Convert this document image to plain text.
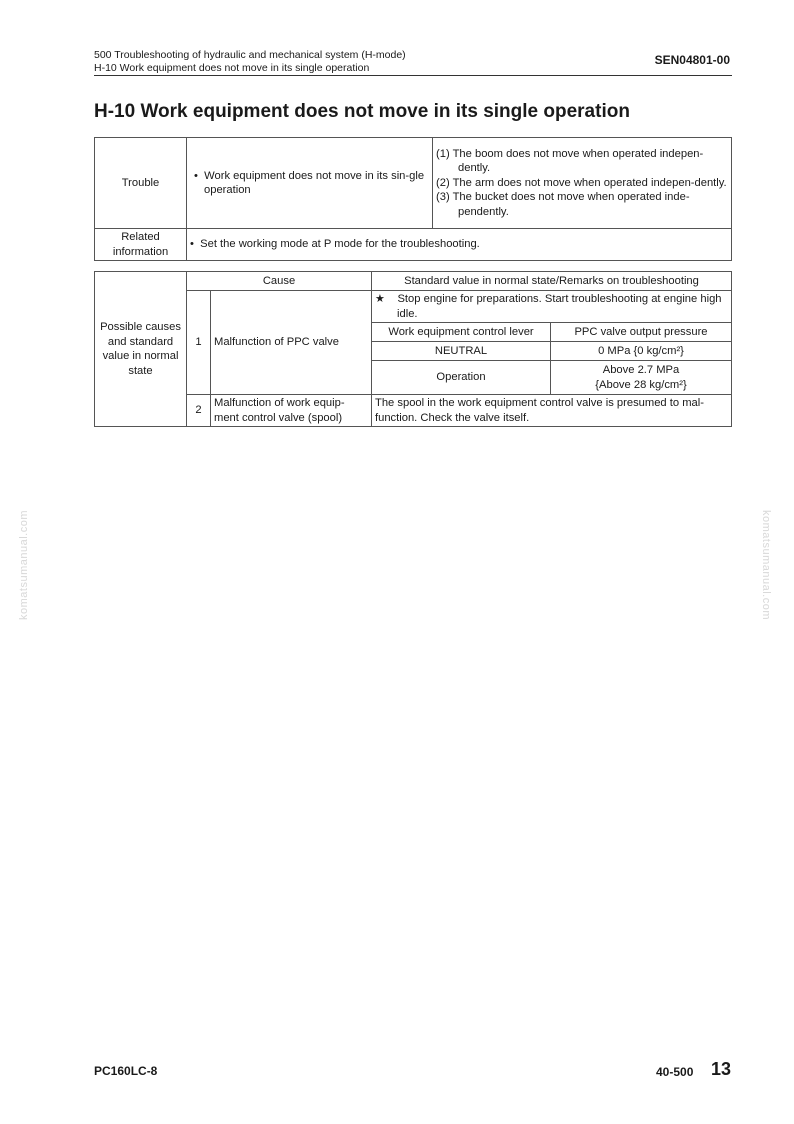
500 Troubleshooting of hydraulic and mechanical system (H-mode)
H-10 Work equipment does not move in its single operation
SEN04801-00
H-10 Work equipment does not move in its single operation
Trouble	• Work equipment does not move in its sin-gle operation	(1) The boom does not move when operated indepen-dently.
(2) The arm does not move when operated indepen-dently.
(3) The bucket does not move when operated inde-pendently.

Related information	• Set the working mode at P mode for the troubleshooting.	
Possible causes and standard value in normal state	Cause		Standard value in normal state/Remarks on troubleshooting	
	1	Malfunction of PPC valve	★ Stop engine for preparations. Start troubleshooting at engine high idle.	

			Work equipment control lever	PPC valve output pressure
			NEUTRAL	0 MPa {0 kg/cm²}
			Operation	Above 2.7 MPa
{Above 28 kg/cm²}

	2	Malfunction of work equip-ment control valve (spool)	The spool in the work equipment control valve is presumed to mal-function. Check the valve itself.	
komatsumanual.com	komatsumanual.com
PC160LC-8	40-500 13
